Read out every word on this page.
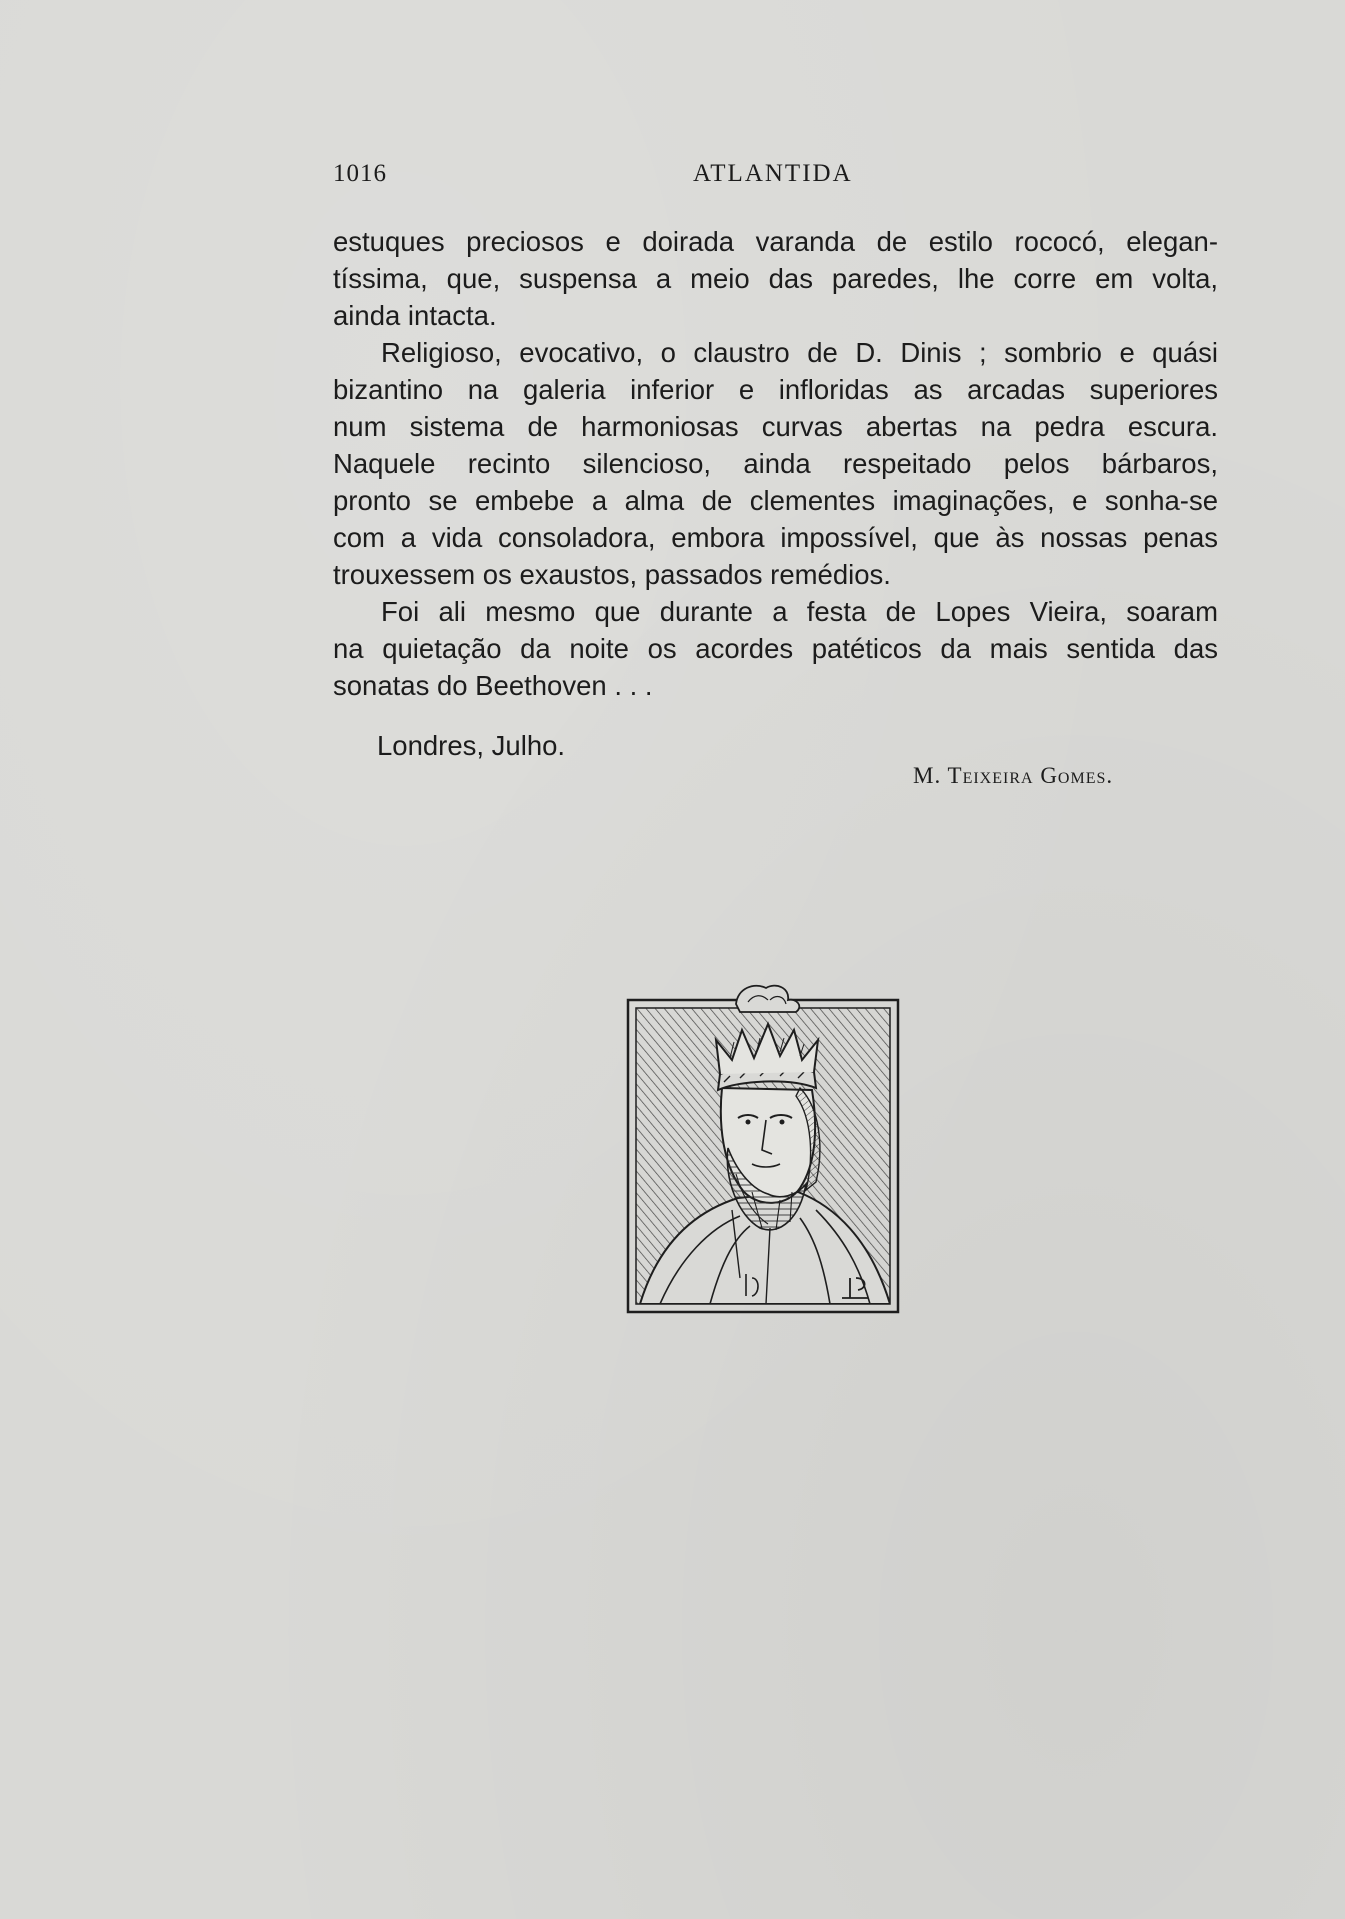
1016	ATLANTIDA

estuques preciosos e doirada varanda de estilo rococó, elegan-
tíssima, que, suspensa a meio das paredes, lhe corre em volta,
ainda intacta.

Religioso, evocativo, o claustro de D. Dinis ; sombrio e quási
bizantino na galeria inferior e infloridas as arcadas superiores
num sistema de harmoniosas curvas abertas na pedra escura.
Naquele recinto silencioso, ainda respeitado pelos bárbaros,
pronto se embebe a alma de clementes imaginações, e sonha-se
com a vida consoladora, embora impossível, que às nossas penas
trouxessem os exaustos, passados remédios.

Foi ali mesmo que durante a festa de Lopes Vieira, soaram
na quietação da noite os acordes patéticos da mais sentida das
sonatas do Beethoven . . .

Londres, Julho.
M. Teixeira Gomes.
